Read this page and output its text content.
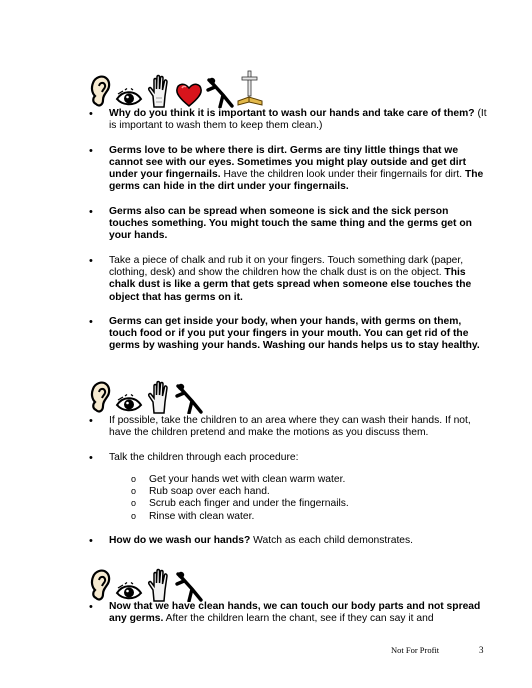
• Why do you think it is important to wash our hands and take care of them? (It is important to wash them to keep them clean.)
• Germs love to be where there is dirt. Germs are tiny little things that we cannot see with our eyes. Sometimes you might play outside and get dirt under your fingernails. Have the children look under their fingernails for dirt. The germs can hide in the dirt under your fingernails.
• Germs also can be spread when someone is sick and the sick person touches something. You might touch the same thing and the germs get on your hands.
• Take a piece of chalk and rub it on your fingers. Touch something dark (paper, clothing, desk) and show the children how the chalk dust is on the object. This chalk dust is like a germ that gets spread when someone else touches the object that has germs on it.
• Germs can get inside your body, when your hands, with germs on them, touch food or if you put your fingers in your mouth. You can get rid of the germs by washing your hands. Washing our hands helps us to stay healthy.
• If possible, take the children to an area where they can wash their hands. If not, have the children pretend and make the motions as you discuss them.
• Talk the children through each procedure:
o Get your hands wet with clean warm water.
o Rub soap over each hand.
o Scrub each finger and under the fingernails.
o Rinse with clean water.
• How do we wash our hands? Watch as each child demonstrates.
• Now that we have clean hands, we can touch our body parts and not spread any germs. After the children learn the chant, see if they can say it and
Not For Profit	3
